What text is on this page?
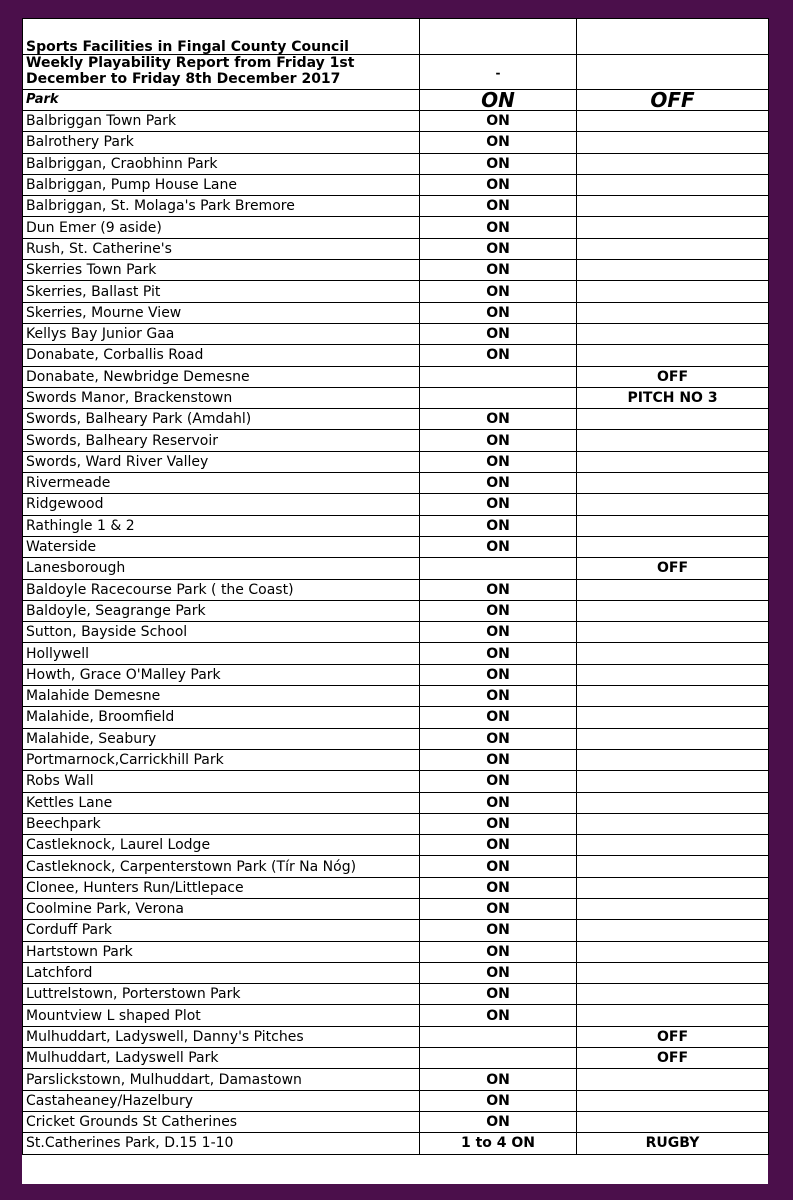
Sports Facilities in Fingal County Council		
Weekly Playability Report from Friday 1st
December to Friday 8th December 2017	-	

Park	ON	OFF
Balbriggan Town Park	ON	
Balrothery Park	ON	
Balbriggan, Craobhinn Park	ON	
Balbriggan, Pump House Lane	ON	
Balbriggan, St. Molaga's Park Bremore	ON	
Dun Emer (9 aside)	ON	
Rush, St. Catherine's	ON	
Skerries Town Park	ON	
Skerries, Ballast Pit	ON	
Skerries, Mourne View	ON	
Kellys Bay Junior Gaa	ON	
Donabate, Corballis Road	ON	
Donabate, Newbridge Demesne		OFF
Swords Manor, Brackenstown		PITCH NO 3
Swords, Balheary Park (Amdahl)	ON	
Swords, Balheary Reservoir	ON	
Swords, Ward River Valley	ON	
Rivermeade	ON	
Ridgewood	ON	
Rathingle 1 & 2	ON	
Waterside	ON	
Lanesborough		OFF
Baldoyle Racecourse Park ( the Coast)	ON	
Baldoyle, Seagrange Park	ON	
Sutton, Bayside School	ON	
Hollywell	ON	
Howth, Grace O'Malley Park	ON	
Malahide Demesne	ON	
Malahide, Broomfield	ON	
Malahide, Seabury	ON	
Portmarnock,Carrickhill Park	ON	
Robs Wall	ON	
Kettles Lane	ON	
Beechpark	ON	
Castleknock, Laurel Lodge	ON	
Castleknock, Carpenterstown Park (Tír Na Nóg)	ON	
Clonee, Hunters Run/Littlepace	ON	
Coolmine Park, Verona	ON	
Corduff Park	ON	
Hartstown Park	ON	
Latchford	ON	
Luttrelstown, Porterstown Park	ON	
Mountview L shaped Plot	ON	
Mulhuddart, Ladyswell, Danny's Pitches		OFF
Mulhuddart, Ladyswell Park		OFF
Parslickstown, Mulhuddart, Damastown	ON	
Castaheaney/Hazelbury	ON	
Cricket Grounds St Catherines	ON	
St.Catherines Park, D.15 1-10	1 to 4 ON	RUGBY
